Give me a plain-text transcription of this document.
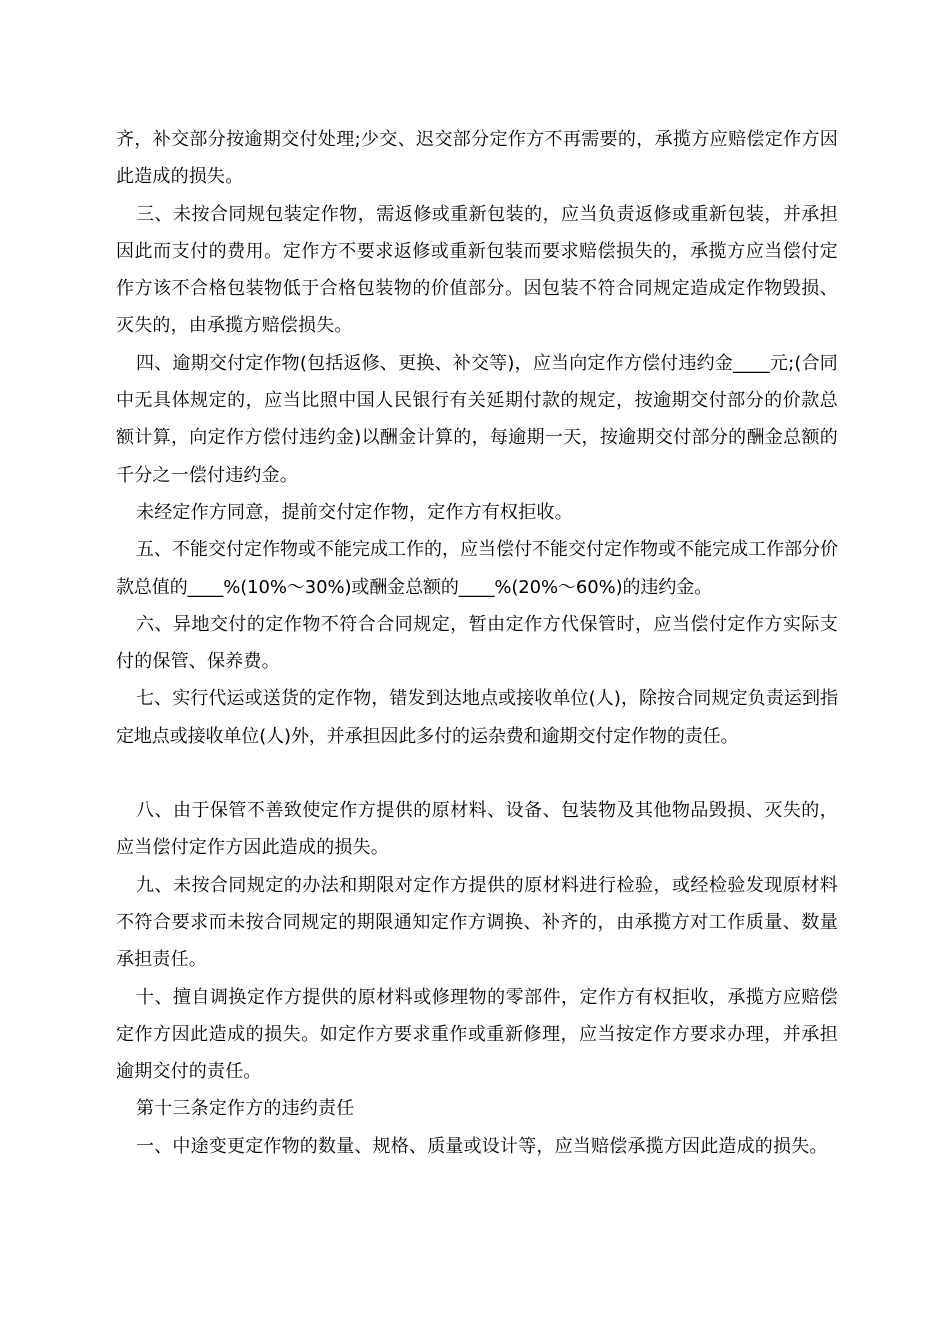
齐，补交部分按逾期交付处理;少交、迟交部分定作方不再需要的，承揽方应赔偿定作方因此造成的损失。

三、未按合同规包装定作物，需返修或重新包装的，应当负责返修或重新包装，并承担因此而支付的费用。定作方不要求返修或重新包装而要求赔偿损失的，承揽方应当偿付定作方该不合格包装物低于合格包装物的价值部分。因包装不符合同规定造成定作物毁损、灭失的，由承揽方赔偿损失。

四、逾期交付定作物(包括返修、更换、补交等)，应当向定作方偿付违约金____元;(合同中无具体规定的，应当比照中国人民银行有关延期付款的规定，按逾期交付部分的价款总额计算，向定作方偿付违约金)以酬金计算的，每逾期一天，按逾期交付部分的酬金总额的千分之一偿付违约金。

未经定作方同意，提前交付定作物，定作方有权拒收。

五、不能交付定作物或不能完成工作的，应当偿付不能交付定作物或不能完成工作部分价款总值的____%(10%～30%)或酬金总额的____%(20%～60%)的违约金。

六、异地交付的定作物不符合合同规定，暂由定作方代保管时，应当偿付定作方实际支付的保管、保养费。

七、实行代运或送货的定作物，错发到达地点或接收单位(人)，除按合同规定负责运到指定地点或接收单位(人)外，并承担因此多付的运杂费和逾期交付定作物的责任。

八、由于保管不善致使定作方提供的原材料、设备、包装物及其他物品毁损、灭失的，应当偿付定作方因此造成的损失。

九、未按合同规定的办法和期限对定作方提供的原材料进行检验，或经检验发现原材料不符合要求而未按合同规定的期限通知定作方调换、补齐的，由承揽方对工作质量、数量承担责任。

十、擅自调换定作方提供的原材料或修理物的零部件，定作方有权拒收，承揽方应赔偿定作方因此造成的损失。如定作方要求重作或重新修理，应当按定作方要求办理，并承担逾期交付的责任。

第十三条定作方的违约责任

一、中途变更定作物的数量、规格、质量或设计等，应当赔偿承揽方因此造成的损失。
